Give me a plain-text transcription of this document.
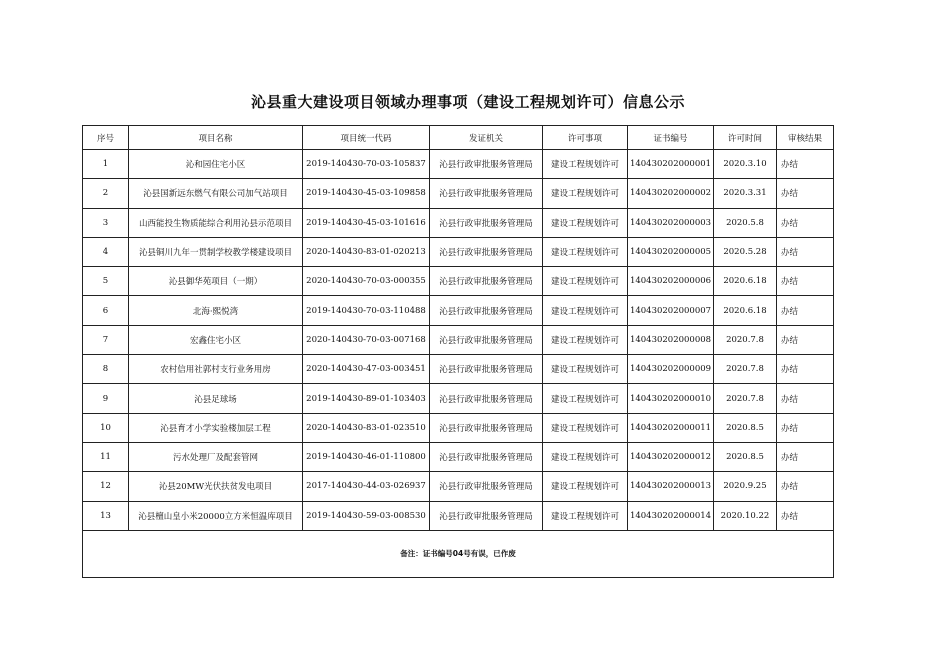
沁县重大建设项目领域办理事项（建设工程规划许可）信息公示
序号	项目名称	项目统一代码	发证机关	许可事项	证书编号	许可时间	审核结果
1	沁和园住宅小区	2019-140430-70-03-105837	沁县行政审批服务管理局	建设工程规划许可	140430202000001	2020.3.10	办结
2	沁县国新远东燃气有限公司加气站项目	2019-140430-45-03-109858	沁县行政审批服务管理局	建设工程规划许可	140430202000002	2020.3.31	办结
3	山西能投生物质能综合利用沁县示范项目	2019-140430-45-03-101616	沁县行政审批服务管理局	建设工程规划许可	140430202000003	2020.5.8	办结
4	沁县铜川九年一贯制学校教学楼建设项目	2020-140430-83-01-020213	沁县行政审批服务管理局	建设工程规划许可	140430202000005	2020.5.28	办结
5	沁县御华苑项目（一期）	2020-140430-70-03-000355	沁县行政审批服务管理局	建设工程规划许可	140430202000006	2020.6.18	办结
6	北海·熙悦湾	2019-140430-70-03-110488	沁县行政审批服务管理局	建设工程规划许可	140430202000007	2020.6.18	办结
7	宏鑫住宅小区	2020-140430-70-03-007168	沁县行政审批服务管理局	建设工程规划许可	140430202000008	2020.7.8	办结
8	农村信用社郭村支行业务用房	2020-140430-47-03-003451	沁县行政审批服务管理局	建设工程规划许可	140430202000009	2020.7.8	办结
9	沁县足球场	2019-140430-89-01-103403	沁县行政审批服务管理局	建设工程规划许可	140430202000010	2020.7.8	办结
10	沁县育才小学实验楼加层工程	2020-140430-83-01-023510	沁县行政审批服务管理局	建设工程规划许可	140430202000011	2020.8.5	办结
11	污水处理厂及配套管网	2019-140430-46-01-110800	沁县行政审批服务管理局	建设工程规划许可	140430202000012	2020.8.5	办结
12	沁县20MW光伏扶贫发电项目	2017-140430-44-03-026937	沁县行政审批服务管理局	建设工程规划许可	140430202000013	2020.9.25	办结
13	沁县檀山皇小米20000立方米恒温库项目	2019-140430-59-03-008530	沁县行政审批服务管理局	建设工程规划许可	140430202000014	2020.10.22	办结
备注：证书编号04号有误，已作废							
